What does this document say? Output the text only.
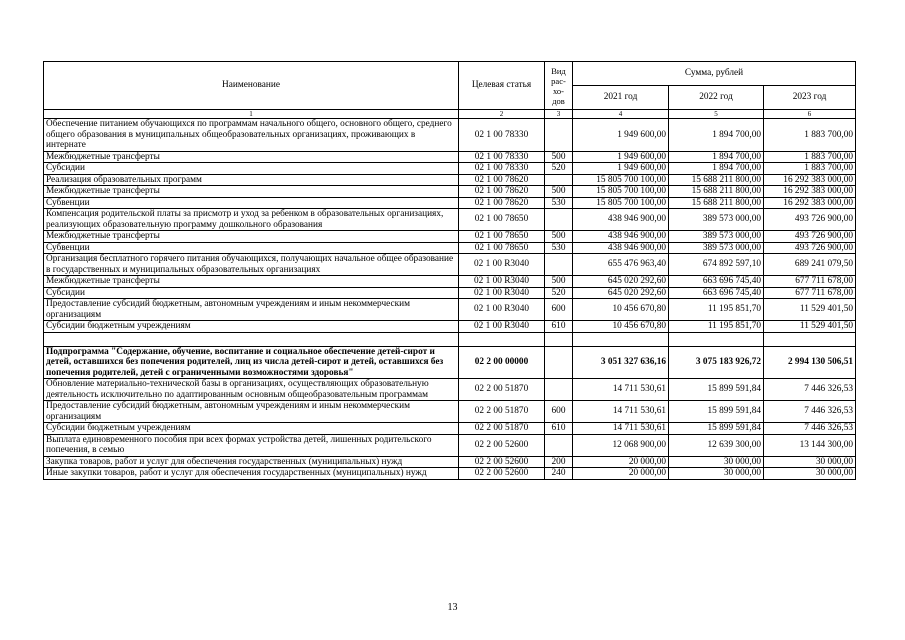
Наименование	Целевая статья	Вид рас-хо-дов	Сумма, рублей		
			2021 год	2022 год	2023 год
1	2	3	4	5	6
Обеспечение питанием обучающихся по программам начального общего, основного общего, среднего общего образования в муниципальных общеобразовательных организациях, проживающих в интернате	02 1 00 78330		1 949 600,00	1 894 700,00	1 883 700,00
Межбюджетные трансферты	02 1 00 78330	500	1 949 600,00	1 894 700,00	1 883 700,00
Субсидии	02 1 00 78330	520	1 949 600,00	1 894 700,00	1 883 700,00
Реализация образовательных программ	02 1 00 78620		15 805 700 100,00	15 688 211 800,00	16 292 383 000,00
Межбюджетные трансферты	02 1 00 78620	500	15 805 700 100,00	15 688 211 800,00	16 292 383 000,00
Субвенции	02 1 00 78620	530	15 805 700 100,00	15 688 211 800,00	16 292 383 000,00
Компенсация родительской платы за присмотр и уход за ребенком в образовательных организациях, реализующих образовательную программу дошкольного образования	02 1 00 78650		438 946 900,00	389 573 000,00	493 726 900,00
Межбюджетные трансферты	02 1 00 78650	500	438 946 900,00	389 573 000,00	493 726 900,00
Субвенции	02 1 00 78650	530	438 946 900,00	389 573 000,00	493 726 900,00
Организация бесплатного горячего питания обучающихся, получающих начальное общее образование в государственных и муниципальных образовательных организациях	02 1 00 R3040		655 476 963,40	674 892 597,10	689 241 079,50
Межбюджетные трансферты	02 1 00 R3040	500	645 020 292,60	663 696 745,40	677 711 678,00
Субсидии	02 1 00 R3040	520	645 020 292,60	663 696 745,40	677 711 678,00
Предоставление субсидий бюджетным, автономным учреждениям и иным некоммерческим организациям	02 1 00 R3040	600	10 456 670,80	11 195 851,70	11 529 401,50
Субсидии бюджетным учреждениям	02 1 00 R3040	610	10 456 670,80	11 195 851,70	11 529 401,50

Подпрограмма "Содержание, обучение, воспитание и социальное обеспечение детей-сирот и детей, оставшихся без попечения родителей, лиц из числа детей-сирот и детей, оставшихся без попечения родителей, детей с ограниченными возможностями здоровья"	02 2 00 00000		3 051 327 636,16	3 075 183 926,72	2 994 130 506,51
Обновление материально-технической базы в организациях, осуществляющих образовательную деятельность исключительно по адаптированным основным общеобразовательным программам	02 2 00 51870		14 711 530,61	15 899 591,84	7 446 326,53
Предоставление субсидий бюджетным, автономным учреждениям и иным некоммерческим организациям	02 2 00 51870	600	14 711 530,61	15 899 591,84	7 446 326,53
Субсидии бюджетным учреждениям	02 2 00 51870	610	14 711 530,61	15 899 591,84	7 446 326,53
Выплата единовременного пособия при всех формах устройства детей, лишенных родительского попечения, в семью	02 2 00 52600		12 068 900,00	12 639 300,00	13 144 300,00
Закупка товаров, работ и услуг для обеспечения государственных (муниципальных) нужд	02 2 00 52600	200	20 000,00	30 000,00	30 000,00
Иные закупки товаров, работ и услуг для обеспечения государственных (муниципальных) нужд	02 2 00 52600	240	20 000,00	30 000,00	30 000,00
13
